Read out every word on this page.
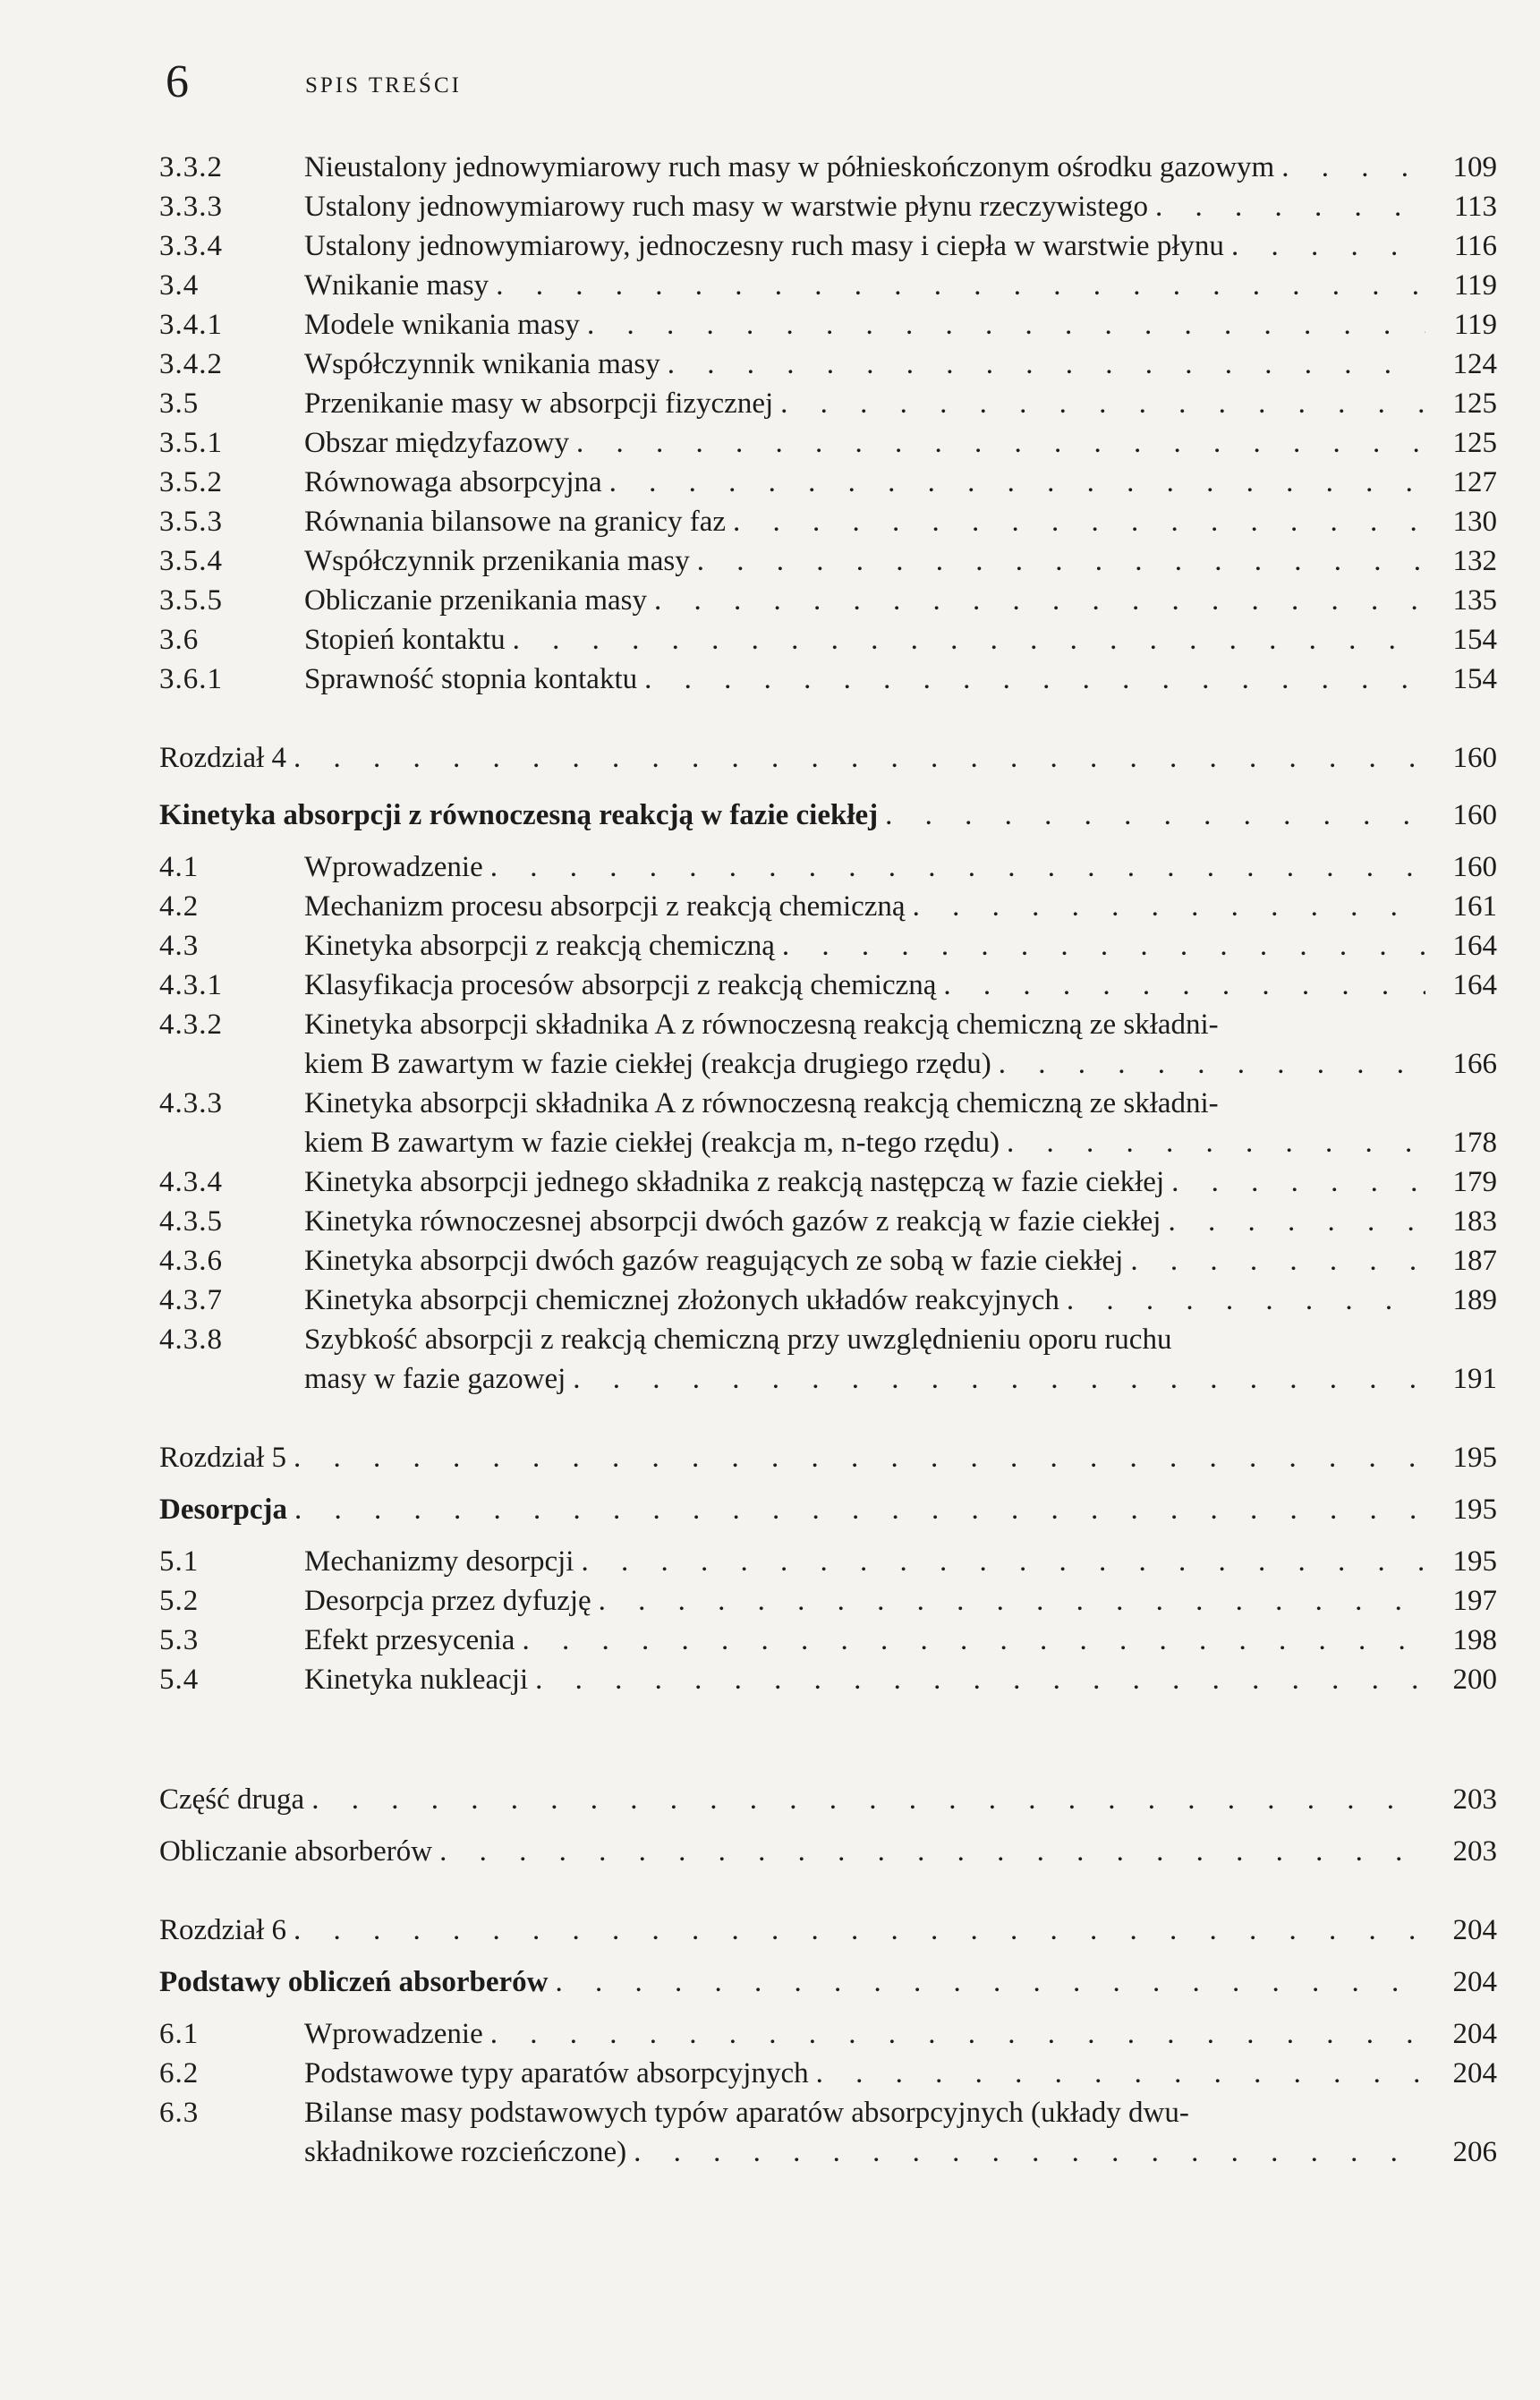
6	SPIS TREŚCI
3.3.2	Nieustalony jednowymiarowy ruch masy w półnieskończonym ośrodku gazowym . . .	109
3.3.3	Ustalony jednowymiarowy ruch masy w warstwie płynu rzeczywistego . . .	113
3.3.4	Ustalony jednowymiarowy, jednoczesny ruch masy i ciepła w warstwie płynu . . .	116
3.4	Wnikanie masy . . .	119
3.4.1	Modele wnikania masy . . .	119
3.4.2	Współczynnik wnikania masy . . .	124
3.5	Przenikanie masy w absorpcji fizycznej . . .	125
3.5.1	Obszar międzyfazowy . . .	125
3.5.2	Równowaga absorpcyjna . . .	127
3.5.3	Równania bilansowe na granicy faz . . .	130
3.5.4	Współczynnik przenikania masy . . .	132
3.5.5	Obliczanie przenikania masy . . .	135
3.6	Stopień kontaktu . . .	154
3.6.1	Sprawność stopnia kontaktu . . .	154
Rozdział 4 . . .	160
Kinetyka absorpcji z równoczesną reakcją w fazie ciekłej . . .	160
4.1	Wprowadzenie . . .	160
4.2	Mechanizm procesu absorpcji z reakcją chemiczną . . .	161
4.3	Kinetyka absorpcji z reakcją chemiczną . . .	164
4.3.1	Klasyfikacja procesów absorpcji z reakcją chemiczną . . .	164
4.3.2	Kinetyka absorpcji składnika A z równoczesną reakcją chemiczną ze składni-
kiem B zawartym w fazie ciekłej (reakcja drugiego rzędu) . . .	166
4.3.3	Kinetyka absorpcji składnika A z równoczesną reakcją chemiczną ze składni-
kiem B zawartym w fazie ciekłej (reakcja m, n-tego rzędu) . . .	178
4.3.4	Kinetyka absorpcji jednego składnika z reakcją następczą w fazie ciekłej . . .	179
4.3.5	Kinetyka równoczesnej absorpcji dwóch gazów z reakcją w fazie ciekłej . . .	183
4.3.6	Kinetyka absorpcji dwóch gazów reagujących ze sobą w fazie ciekłej . . .	187
4.3.7	Kinetyka absorpcji chemicznej złożonych układów reakcyjnych . . .	189
4.3.8	Szybkość absorpcji z reakcją chemiczną przy uwzględnieniu oporu ruchu
masy w fazie gazowej . . .	191
Rozdział 5 . . .	195
Desorpcja . . .	195
5.1	Mechanizmy desorpcji . . .	195
5.2	Desorpcja przez dyfuzję . . .	197
5.3	Efekt przesycenia . . .	198
5.4	Kinetyka nukleacji . . .	200
Część druga . . .	203
Obliczanie absorberów . . .	203
Rozdział 6 . . .	204
Podstawy obliczeń absorberów . . .	204
6.1	Wprowadzenie . . .	204
6.2	Podstawowe typy aparatów absorpcyjnych . . .	204
6.3	Bilanse masy podstawowych typów aparatów absorpcyjnych (układy dwu-
składnikowe rozcieńczone) . . .	206
